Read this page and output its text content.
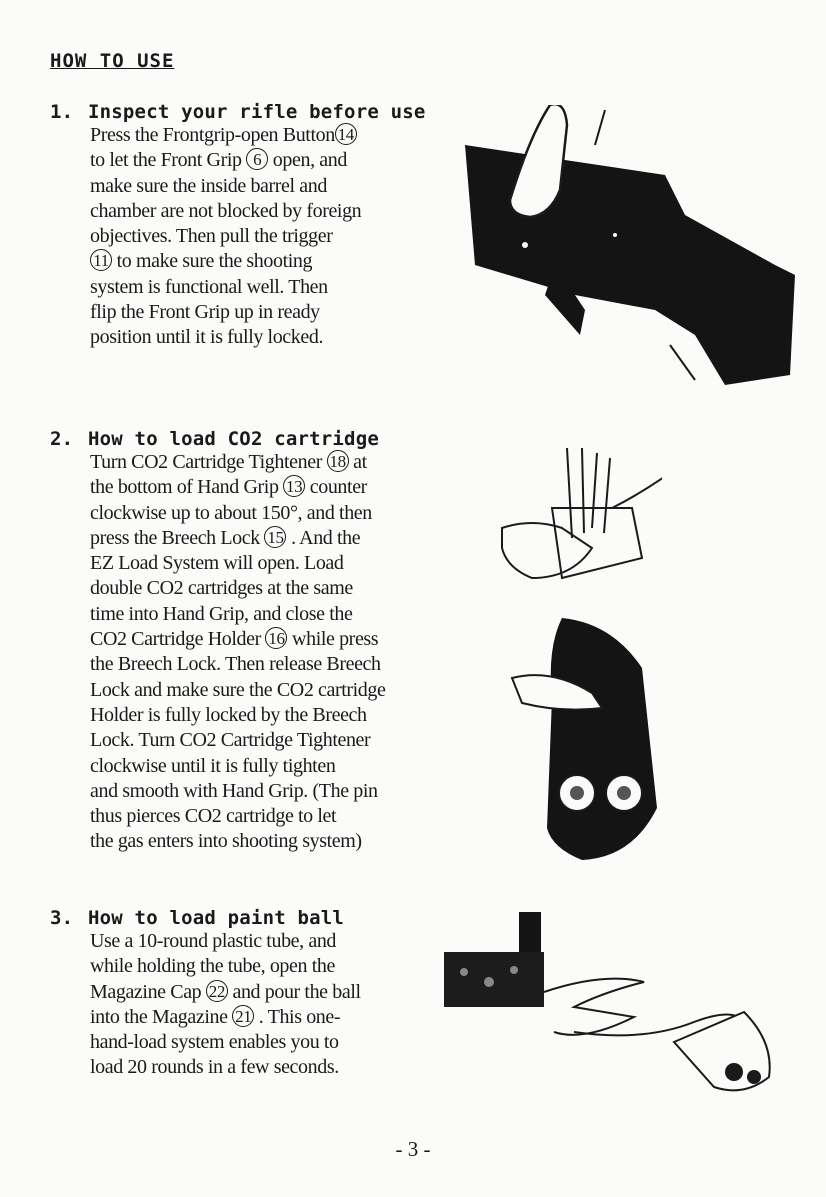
HOW TO USE
1. Inspect your rifle before use
Press the Frontgrip-open Button 14
to let the Front Grip 6 open, and
make sure the inside barrel and
chamber are not blocked by foreign
objectives. Then pull the trigger
11 to make sure the shooting
system is functional well. Then
flip the Front Grip up in ready
position until it is fully locked.
2. How to load CO2 cartridge
Turn CO2 Cartridge Tightener 18 at
the bottom of Hand Grip 13 counter
clockwise up to about 150°, and then
press the Breech Lock 15 . And the
EZ Load System will open. Load
double CO2 cartridges at the same
time into Hand Grip, and close the
CO2 Cartridge Holder 16 while press
the Breech Lock. Then release Breech
Lock and make sure the CO2 cartridge
Holder is fully locked by the Breech
Lock. Turn CO2 Cartridge Tightener
clockwise until it is fully tighten
and smooth with Hand Grip. (The pin
thus pierces CO2 cartridge to let
the gas enters into shooting system)
3. How to load paint ball
Use a 10-round plastic tube, and
while holding the tube, open the
Magazine Cap 22 and pour the ball
into the Magazine 21 . This one-
hand-load system enables you to
load 20 rounds in a few seconds.
- 3 -
